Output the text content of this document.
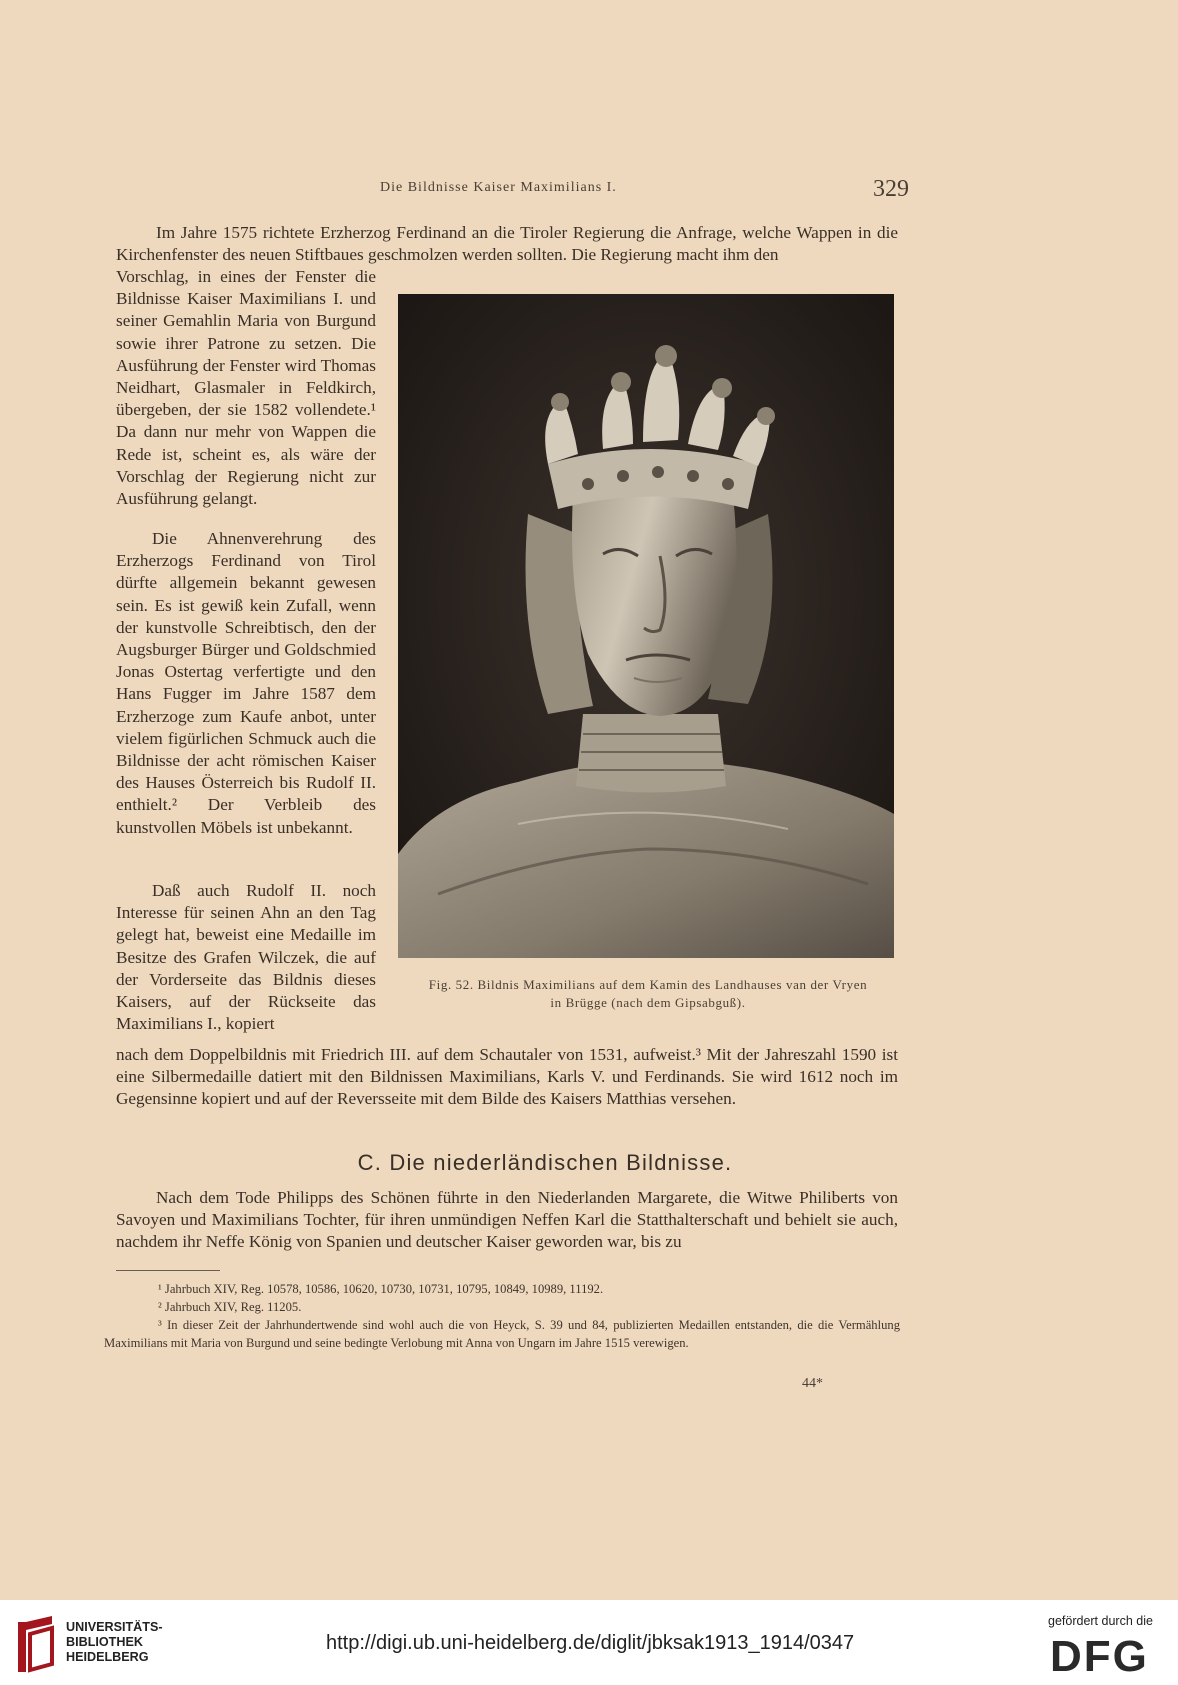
Die Bildnisse Kaiser Maximilians I.	329

Im Jahre 1575 richtete Erzherzog Ferdinand an die Tiroler Regierung die Anfrage, welche Wappen in die Kirchenfenster des neuen Stiftbaues geschmolzen werden sollten. Die Regierung macht ihm den

Vorschlag, in eines der Fenster die Bildnisse Kaiser Maximilians I. und seiner Gemahlin Maria von Burgund sowie ihrer Patrone zu setzen. Die Ausführung der Fenster wird Thomas Neidhart, Glasmaler in Feldkirch, übergeben, der sie 1582 vollendete.¹ Da dann nur mehr von Wappen die Rede ist, scheint es, als wäre der Vorschlag der Regierung nicht zur Ausführung gelangt.

Die Ahnenverehrung des Erzherzogs Ferdinand von Tirol dürfte allgemein bekannt gewesen sein. Es ist gewiß kein Zufall, wenn der kunstvolle Schreibtisch, den der Augsburger Bürger und Goldschmied Jonas Ostertag verfertigte und den Hans Fugger im Jahre 1587 dem Erzherzoge zum Kaufe anbot, unter vielem figürlichen Schmuck auch die Bildnisse der acht römischen Kaiser des Hauses Österreich bis Rudolf II. enthielt.² Der Verbleib des kunstvollen Möbels ist unbekannt.

Daß auch Rudolf II. noch Interesse für seinen Ahn an den Tag gelegt hat, beweist eine Medaille im Besitze des Grafen Wilczek, die auf der Vorderseite das Bildnis dieses Kaisers, auf der Rückseite das Maximilians I., kopiert

Fig. 52. Bildnis Maximilians auf dem Kamin des Landhauses van der Vryen
in Brügge (nach dem Gipsabguß).

nach dem Doppelbildnis mit Friedrich III. auf dem Schautaler von 1531, aufweist.³ Mit der Jahreszahl 1590 ist eine Silbermedaille datiert mit den Bildnissen Maximilians, Karls V. und Ferdinands. Sie wird 1612 noch im Gegensinne kopiert und auf der Reversseite mit dem Bilde des Kaisers Matthias versehen.

C. Die niederländischen Bildnisse.

Nach dem Tode Philipps des Schönen führte in den Niederlanden Margarete, die Witwe Philiberts von Savoyen und Maximilians Tochter, für ihren unmündigen Neffen Karl die Statthalterschaft und behielt sie auch, nachdem ihr Neffe König von Spanien und deutscher Kaiser geworden war, bis zu

¹ Jahrbuch XIV, Reg. 10578, 10586, 10620, 10730, 10731, 10795, 10849, 10989, 11192.

² Jahrbuch XIV, Reg. 11205.

³ In dieser Zeit der Jahrhundertwende sind wohl auch die von Heyck, S. 39 und 84, publizierten Medaillen entstanden, die die Vermählung Maximilians mit Maria von Burgund und seine bedingte Verlobung mit Anna von Ungarn im Jahre 1515 verewigen.

44*
UNIVERSITÄTS-
BIBLIOTHEK
HEIDELBERG
http://digi.ub.uni-heidelberg.de/diglit/jbksak1913_1914/0347
gefördert durch die
DFG
